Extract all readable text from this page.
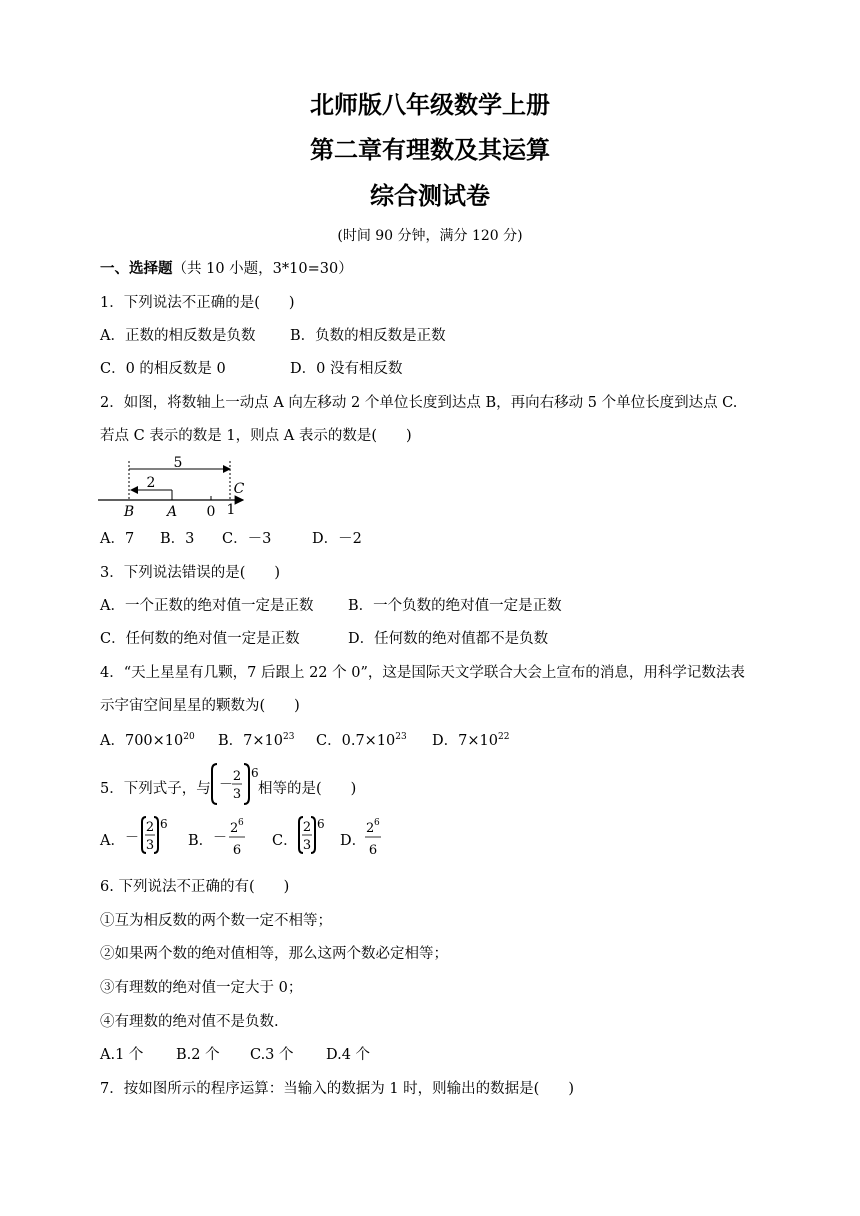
北师版八年级数学上册
第二章有理数及其运算
综合测试卷
(时间 90 分钟，满分 120 分)
一、选择题（共 10 小题，3*10=30）
1．下列说法不正确的是(　　)
A．正数的相反数是负数 B．负数的相反数是正数
C．0 的相反数是 0	D．0 没有相反数
2．如图，将数轴上一动点 A 向左移动 2 个单位长度到达点 B，再向右移动 5 个单位长度到达点 C.
若点 C 表示的数是 1，则点 A 表示的数是(　　)
5
2
B A 0 1
C
A．7 B．3 C．－3	D．－2
3．下列说法错误的是(　　)
A．一个正数的绝对值一定是正数 B．一个负数的绝对值一定是正数
C．任何数的绝对值一定是正数	D．任何数的绝对值都不是负数
4．“天上星星有几颗，7 后跟上 22 个 0”，这是国际天文学联合大会上宣布的消息，用科学记数法表
示宇宙空间星星的颗数为(　　)
A．$700\times 10^{20}$ B．$7\times 10^{23}$ C．$0.7\times 10^{23}$ D．$7\times 10^{22}$
5．下列式子，与 －
2
3
6
相等的是(　　)
A． －
2
3
6
B． －
2 6
6
C．
2
3
6
D．
2 6
6
6. 下列说法不正确的有(　　)
①互为相反数的两个数一定不相等；
②如果两个数的绝对值相等，那么这两个数必定相等；
③有理数的绝对值一定大于 0；
④有理数的绝对值不是负数.
A.1 个 B.2 个 C.3 个 D.4 个
7．按如图所示的程序运算：当输入的数据为 1 时，则输出的数据是(　　)
